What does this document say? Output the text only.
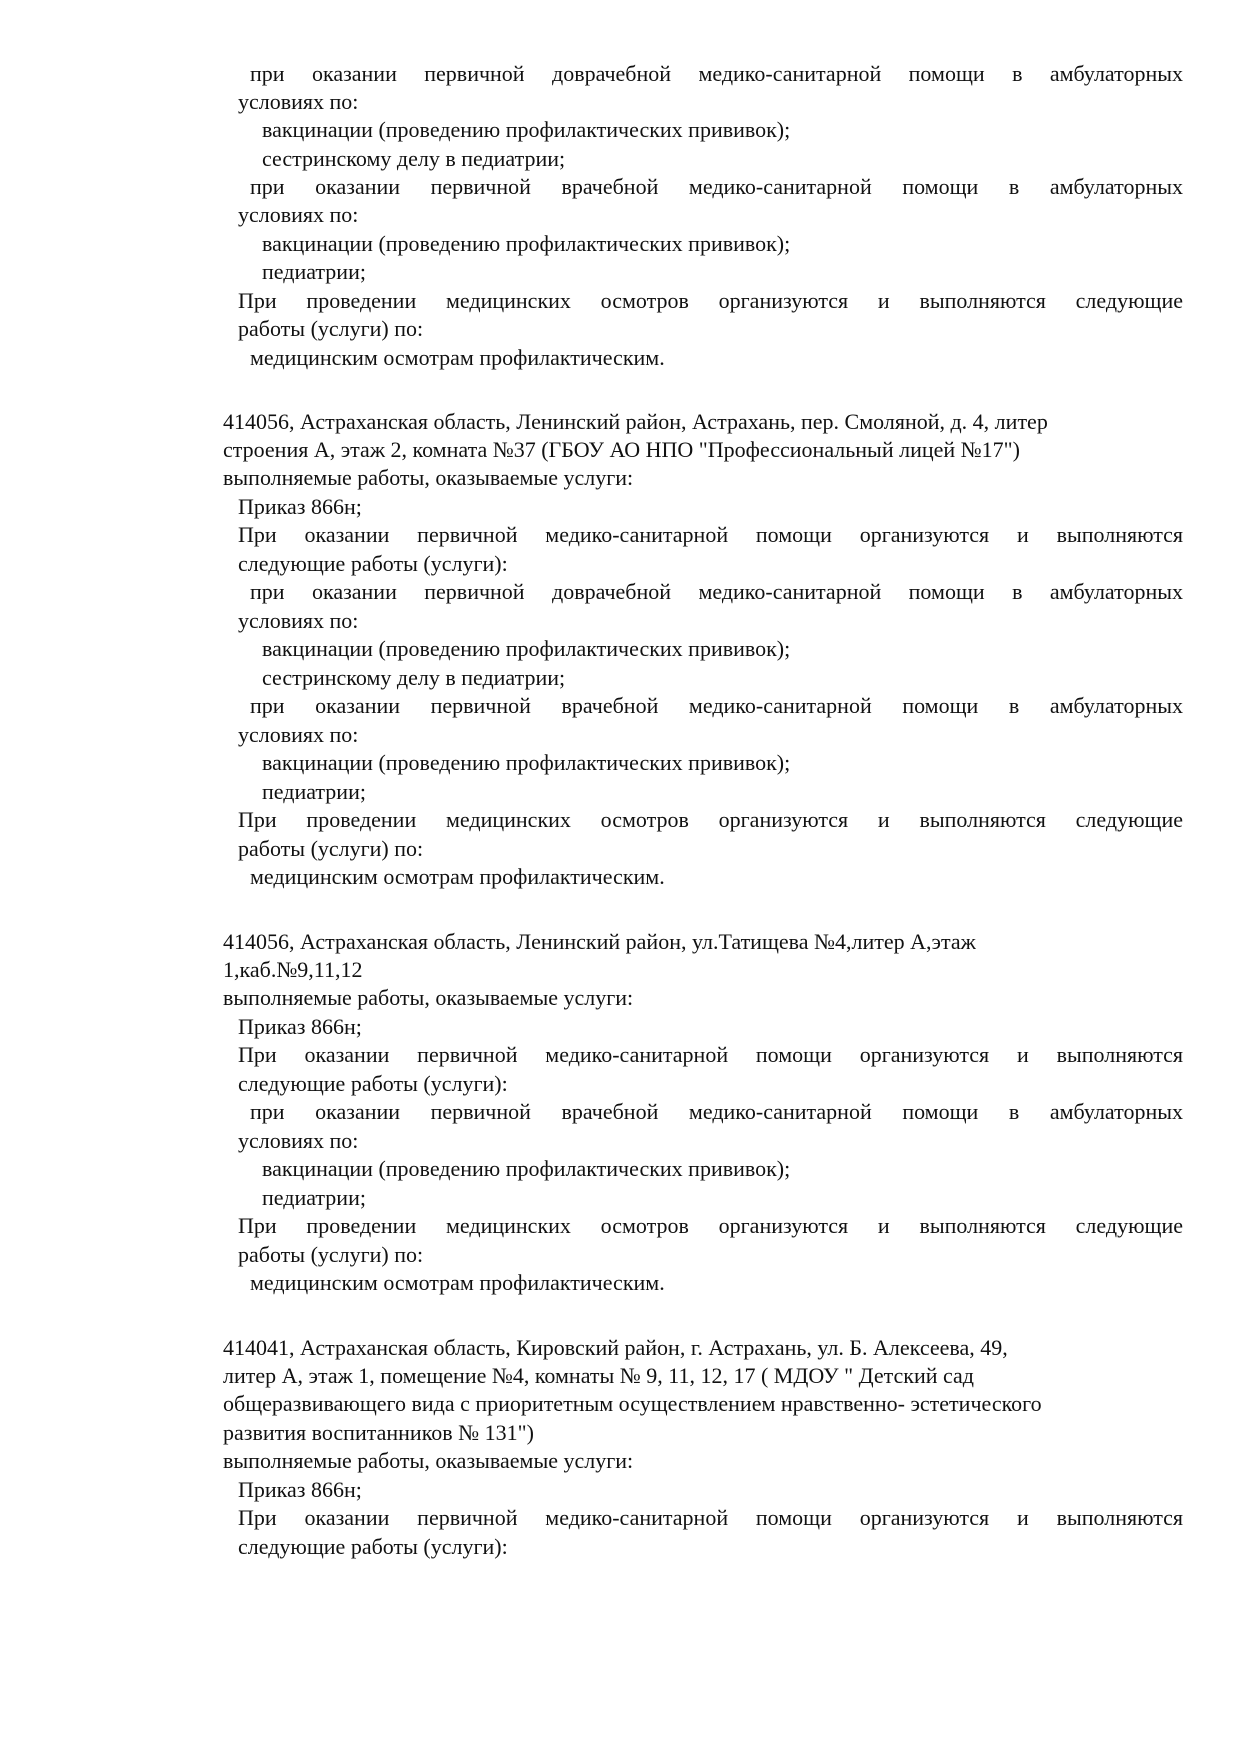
при оказании первичной доврачебной медико-санитарной помощи в амбулаторных
условиях по:
вакцинации (проведению профилактических прививок);
сестринскому делу в педиатрии;
при оказании первичной врачебной медико-санитарной помощи в амбулаторных
условиях по:
вакцинации (проведению профилактических прививок);
педиатрии;
При проведении медицинских осмотров организуются и выполняются следующие
работы (услуги) по:
медицинским осмотрам профилактическим.
414056, Астраханская область, Ленинский район, Астрахань, пер. Смоляной, д. 4, литер
строения А, этаж 2, комната №37 (ГБОУ АО НПО "Профессиональный лицей №17")
выполняемые работы, оказываемые услуги:
Приказ 866н;
При оказании первичной медико-санитарной помощи организуются и выполняются
следующие работы (услуги):
при оказании первичной доврачебной медико-санитарной помощи в амбулаторных
условиях по:
вакцинации (проведению профилактических прививок);
сестринскому делу в педиатрии;
при оказании первичной врачебной медико-санитарной помощи в амбулаторных
условиях по:
вакцинации (проведению профилактических прививок);
педиатрии;
При проведении медицинских осмотров организуются и выполняются следующие
работы (услуги) по:
медицинским осмотрам профилактическим.
414056, Астраханская область, Ленинский район, ул.Татищева №4,литер А,этаж
1,каб.№9,11,12
выполняемые работы, оказываемые услуги:
Приказ 866н;
При оказании первичной медико-санитарной помощи организуются и выполняются
следующие работы (услуги):
при оказании первичной врачебной медико-санитарной помощи в амбулаторных
условиях по:
вакцинации (проведению профилактических прививок);
педиатрии;
При проведении медицинских осмотров организуются и выполняются следующие
работы (услуги) по:
медицинским осмотрам профилактическим.
414041, Астраханская область, Кировский район, г. Астрахань, ул. Б. Алексеева, 49,
литер А, этаж 1, помещение №4, комнаты № 9, 11, 12, 17 ( МДОУ " Детский сад
общеразвивающего вида с приоритетным осуществлением нравственно- эстетического
развития воспитанников № 131")
выполняемые работы, оказываемые услуги:
Приказ 866н;
При оказании первичной медико-санитарной помощи организуются и выполняются
следующие работы (услуги):
